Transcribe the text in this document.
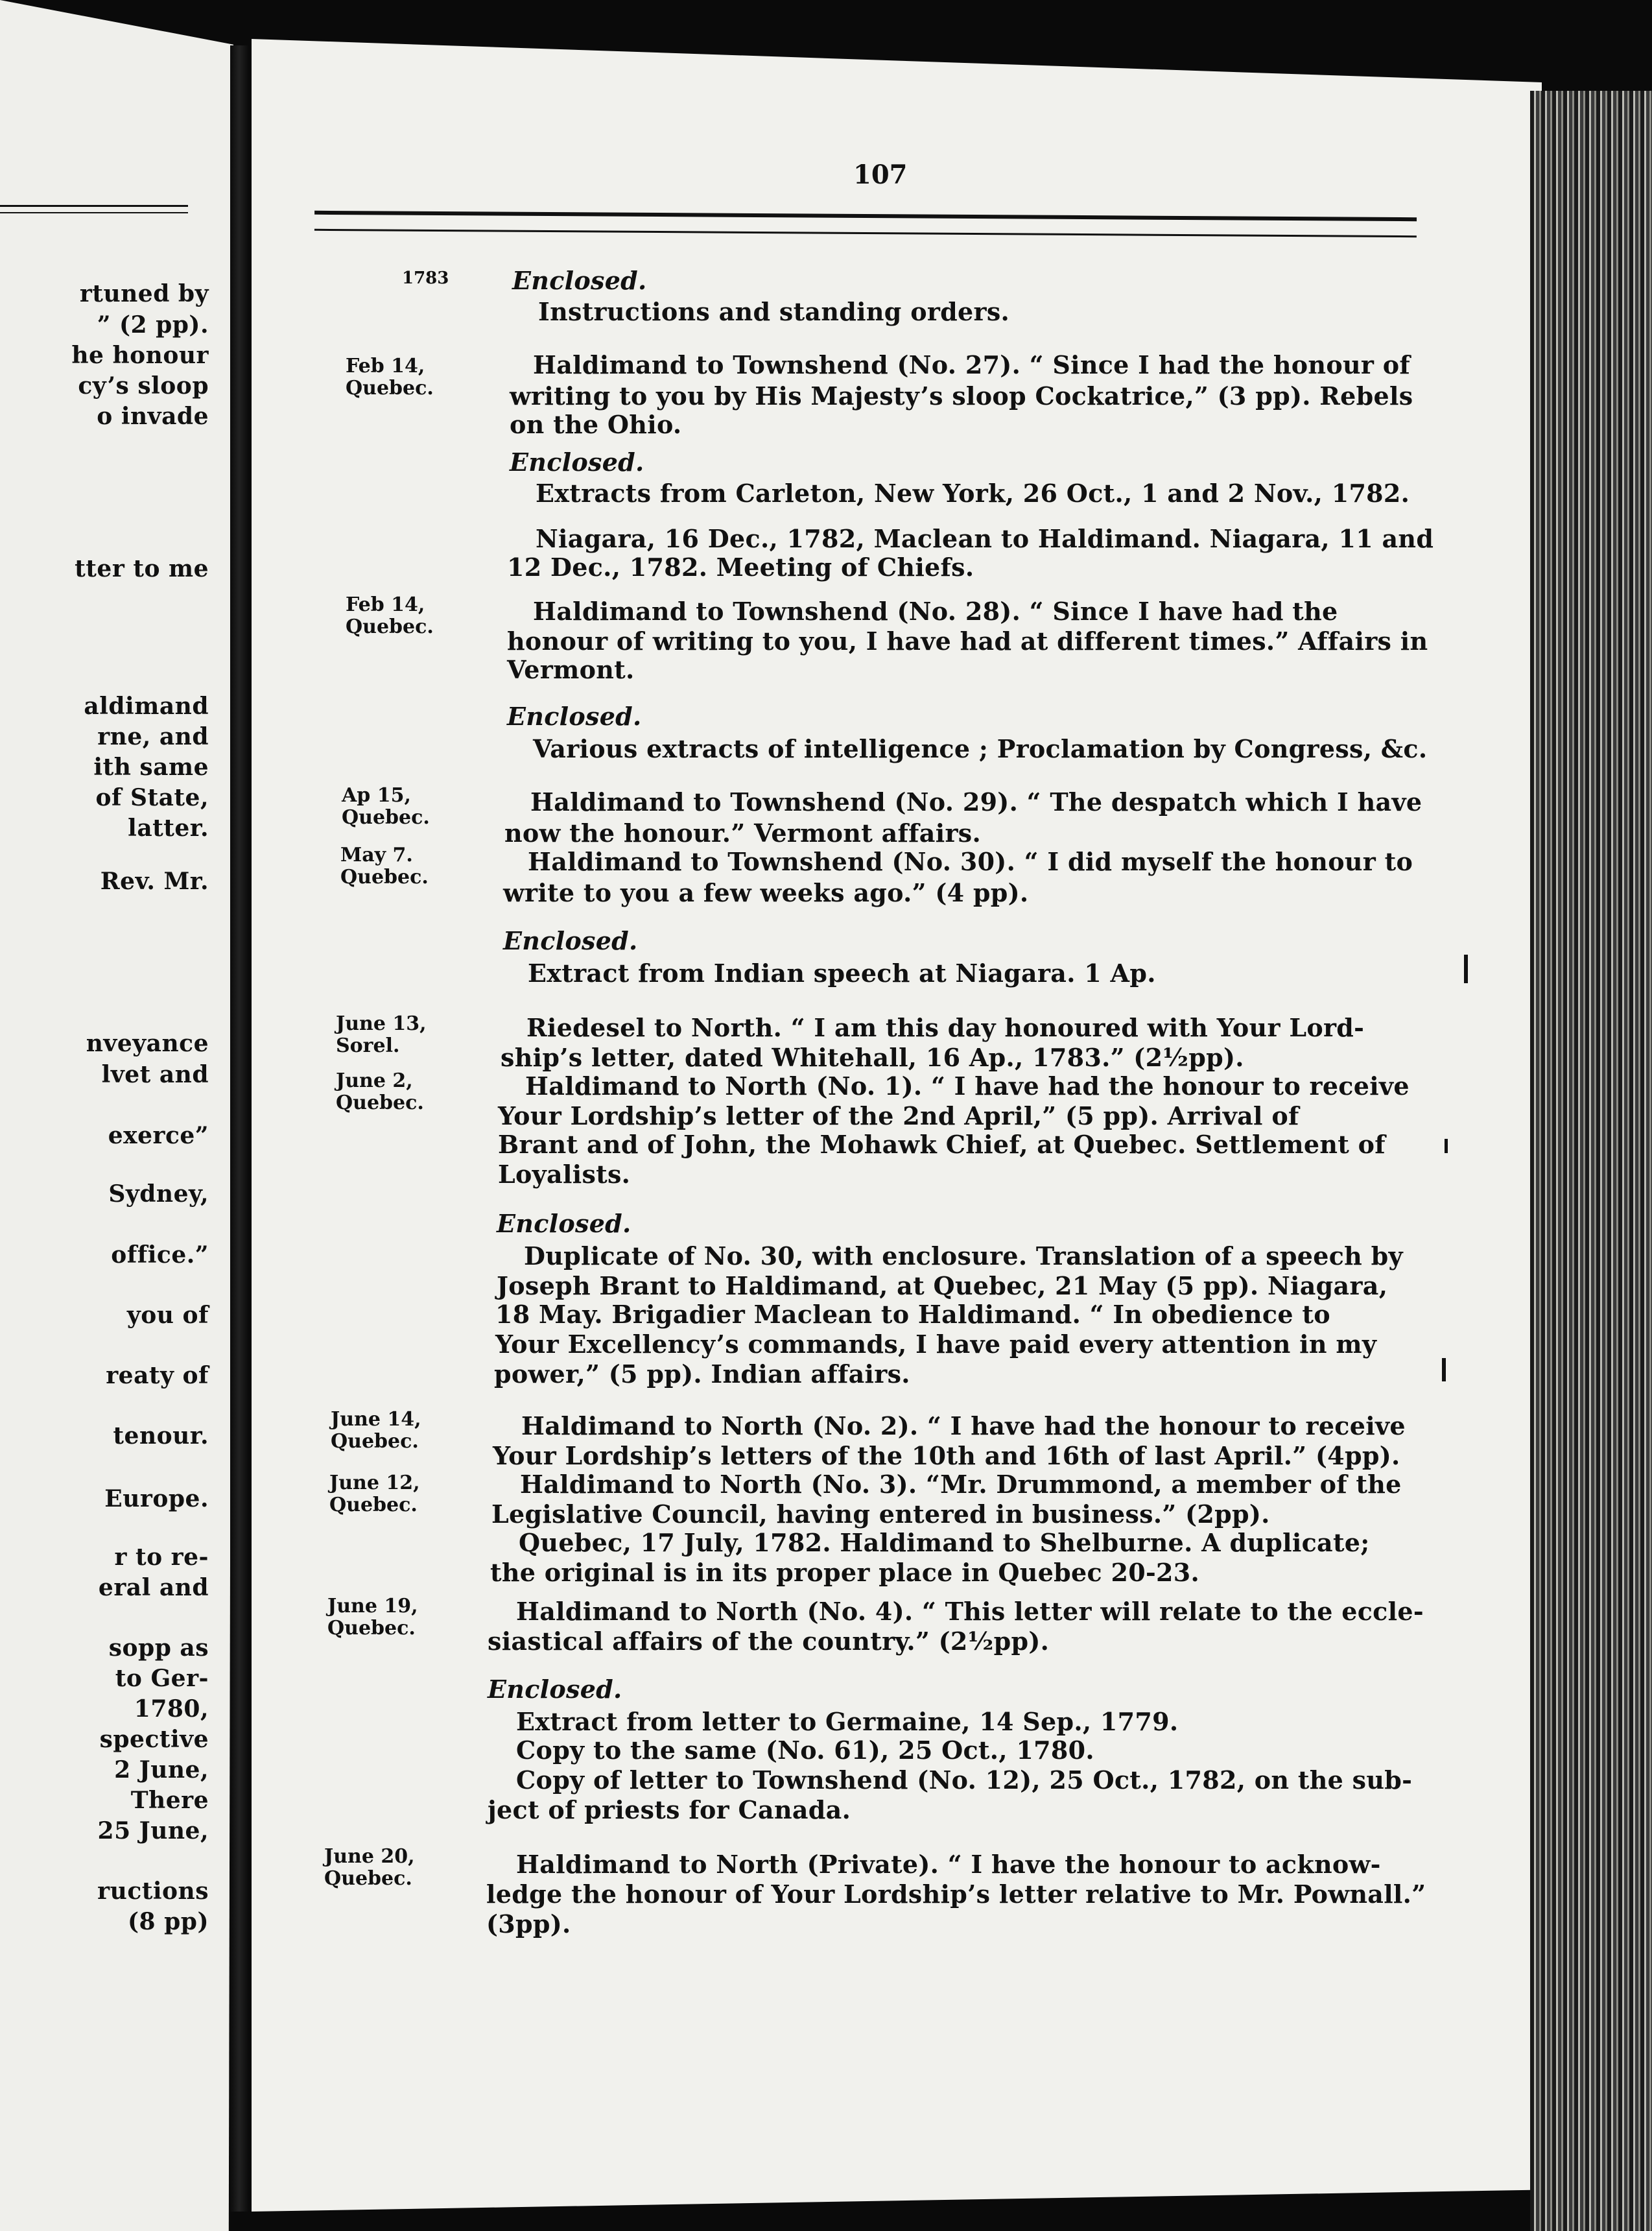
rtuned by
” (2 pp).
he honour
cy’s sloop
o invade
tter to me
aldimand
rne, and
ith same
of State,
latter.
Rev. Mr.
nveyance
lvet and
exerce”
Sydney,
office.”
you of
reaty of
tenour.
Europe.
r to re-
eral and
sopp as
to Ger-
1780,
spective
2 June,
There
25 June,
ructions
(8 pp)
107
1783
Feb 14,
Quebec.
Feb 14,
Quebec.
Ap 15,
Quebec.
May 7.
Quebec.
June 13,
Sorel.
June 2,
Quebec.
June 14,
Quebec.
June 12,
Quebec.
June 19,
Quebec.
June 20,
Quebec.
Enclosed.
Instructions and standing orders.
Haldimand to Townshend (No. 27). “ Since I had the honour of
writing to you by His Majesty’s sloop Cockatrice,” (3 pp). Rebels
on the Ohio.
Enclosed.
Extracts from Carleton, New York, 26 Oct., 1 and 2 Nov., 1782.
Niagara, 16 Dec., 1782, Maclean to Haldimand. Niagara, 11 and
12 Dec., 1782. Meeting of Chiefs.
Haldimand to Townshend (No. 28). “ Since I have had the
honour of writing to you, I have had at different times.” Affairs in
Vermont.
Enclosed.
Various extracts of intelligence ; Proclamation by Congress, &c.
Haldimand to Townshend (No. 29). “ The despatch which I have
now the honour.” Vermont affairs.
Haldimand to Townshend (No. 30). “ I did myself the honour to
write to you a few weeks ago.” (4 pp).
Enclosed.
Extract from Indian speech at Niagara. 1 Ap.
Riedesel to North. “ I am this day honoured with Your Lord-
ship’s letter, dated Whitehall, 16 Ap., 1783.” (2½pp).
Haldimand to North (No. 1). “ I have had the honour to receive
Your Lordship’s letter of the 2nd April,” (5 pp). Arrival of
Brant and of John, the Mohawk Chief, at Quebec. Settlement of
Loyalists.
Enclosed.
Duplicate of No. 30, with enclosure. Translation of a speech by
Joseph Brant to Haldimand, at Quebec, 21 May (5 pp). Niagara,
18 May. Brigadier Maclean to Haldimand. “ In obedience to
Your Excellency’s commands, I have paid every attention in my
power,” (5 pp). Indian affairs.
Haldimand to North (No. 2). “ I have had the honour to receive
Your Lordship’s letters of the 10th and 16th of last April.” (4pp).
Haldimand to North (No. 3). “Mr. Drummond, a member of the
Legislative Council, having entered in business.” (2pp).
Quebec, 17 July, 1782. Haldimand to Shelburne. A duplicate;
the original is in its proper place in Quebec 20-23.
Haldimand to North (No. 4). “ This letter will relate to the eccle-
siastical affairs of the country.” (2½pp).
Enclosed.
Extract from letter to Germaine, 14 Sep., 1779.
Copy to the same (No. 61), 25 Oct., 1780.
Copy of letter to Townshend (No. 12), 25 Oct., 1782, on the sub-
ject of priests for Canada.
Haldimand to North (Private). “ I have the honour to acknow-
ledge the honour of Your Lordship’s letter relative to Mr. Pownall.”
(3pp).
